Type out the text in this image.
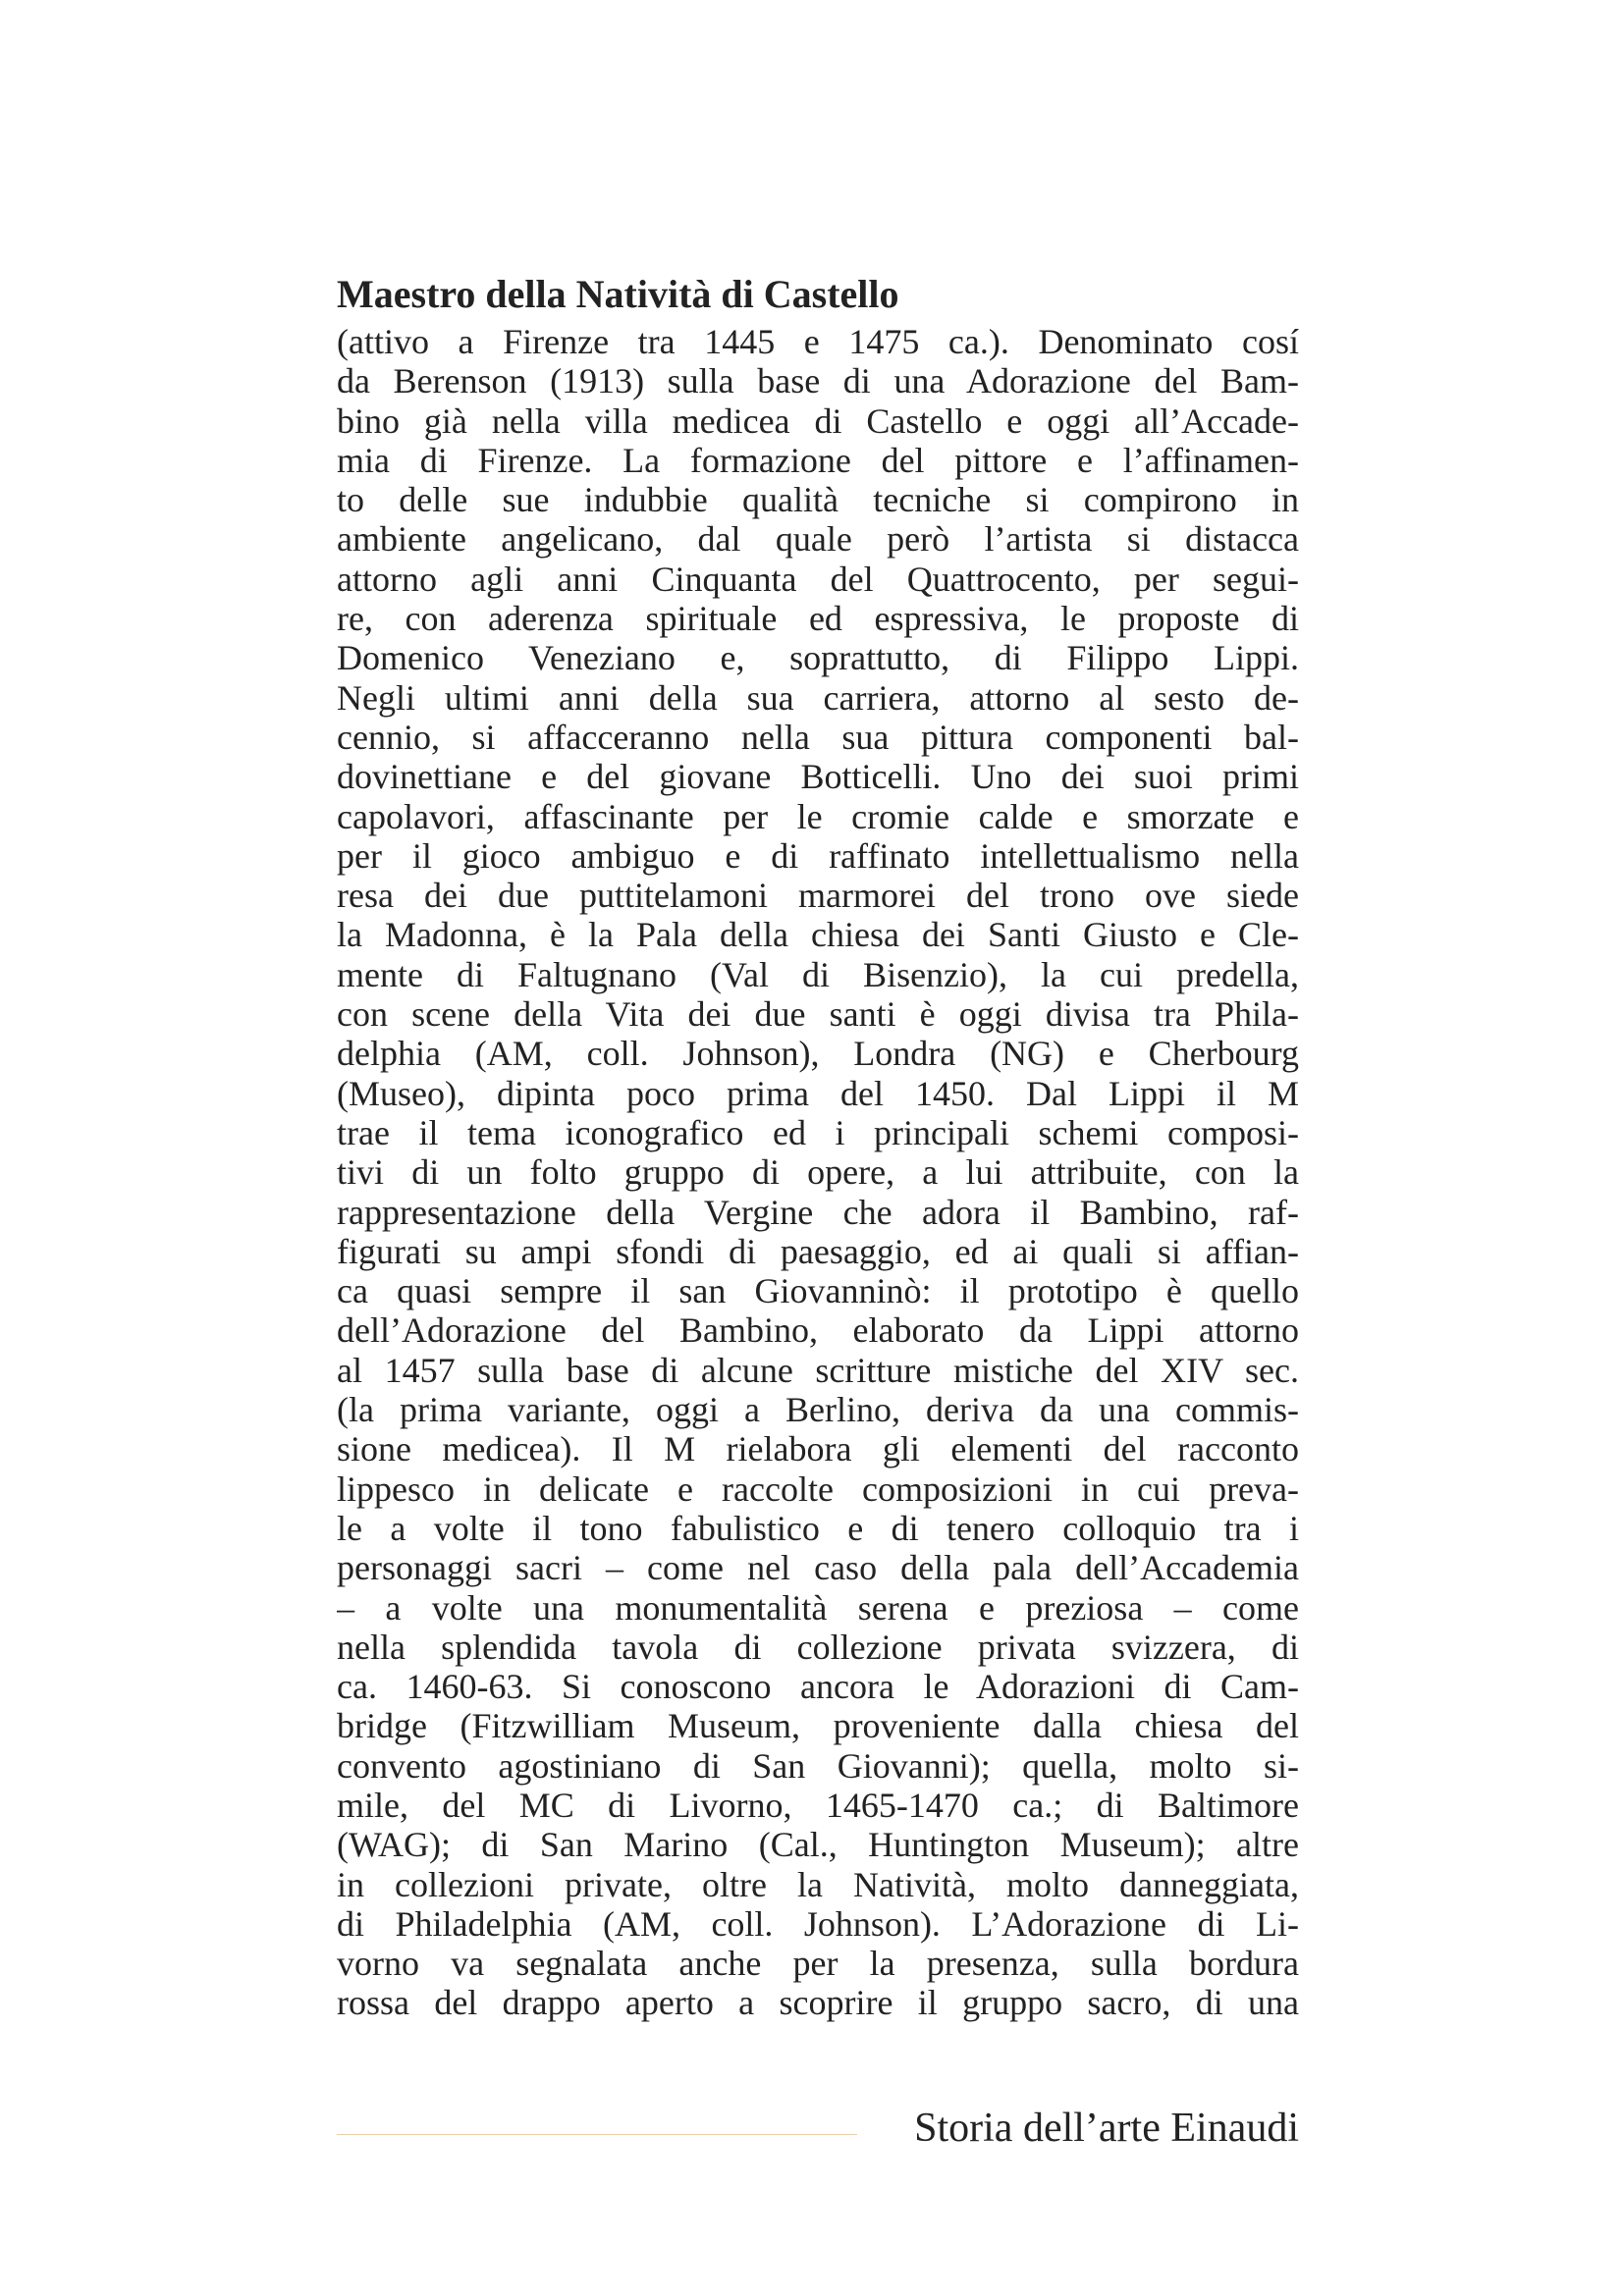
Maestro della Natività di Castello
(attivo a Firenze tra 1445 e 1475 ca.). Denominato cosí
da Berenson (1913) sulla base di una Adorazione del Bam-
bino già nella villa medicea di Castello e oggi all’Accade-
mia di Firenze. La formazione del pittore e l’affinamen-
to delle sue indubbie qualità tecniche si compirono in
ambiente angelicano, dal quale però l’artista si distacca
attorno agli anni Cinquanta del Quattrocento, per segui-
re, con aderenza spirituale ed espressiva, le proposte di
Domenico Veneziano e, soprattutto, di Filippo Lippi.
Negli ultimi anni della sua carriera, attorno al sesto de-
cennio, si affacceranno nella sua pittura componenti bal-
dovinettiane e del giovane Botticelli. Uno dei suoi primi
capolavori, affascinante per le cromie calde e smorzate e
per il gioco ambiguo e di raffinato intellettualismo nella
resa dei due puttitelamoni marmorei del trono ove siede
la Madonna, è la Pala della chiesa dei Santi Giusto e Cle-
mente di Faltugnano (Val di Bisenzio), la cui predella,
con scene della Vita dei due santi è oggi divisa tra Phila-
delphia (AM, coll. Johnson), Londra (NG) e Cherbourg
(Museo), dipinta poco prima del 1450. Dal Lippi il M
trae il tema iconografico ed i principali schemi composi-
tivi di un folto gruppo di opere, a lui attribuite, con la
rappresentazione della Vergine che adora il Bambino, raf-
figurati su ampi sfondi di paesaggio, ed ai quali si affian-
ca quasi sempre il san Giovanninò: il prototipo è quello
dell’Adorazione del Bambino, elaborato da Lippi attorno
al 1457 sulla base di alcune scritture mistiche del XIV sec.
(la prima variante, oggi a Berlino, deriva da una commis-
sione medicea). Il M rielabora gli elementi del racconto
lippesco in delicate e raccolte composizioni in cui preva-
le a volte il tono fabulistico e di tenero colloquio tra i
personaggi sacri – come nel caso della pala dell’Accademia
– a volte una monumentalità serena e preziosa – come
nella splendida tavola di collezione privata svizzera, di
ca. 1460-63. Si conoscono ancora le Adorazioni di Cam-
bridge (Fitzwilliam Museum, proveniente dalla chiesa del
convento agostiniano di San Giovanni); quella, molto si-
mile, del MC di Livorno, 1465-1470 ca.; di Baltimore
(WAG); di San Marino (Cal., Huntington Museum); altre
in collezioni private, oltre la Natività, molto danneggiata,
di Philadelphia (AM, coll. Johnson). L’Adorazione di Li-
vorno va segnalata anche per la presenza, sulla bordura
rossa del drappo aperto a scoprire il gruppo sacro, di una
Storia dell’arte Einaudi
